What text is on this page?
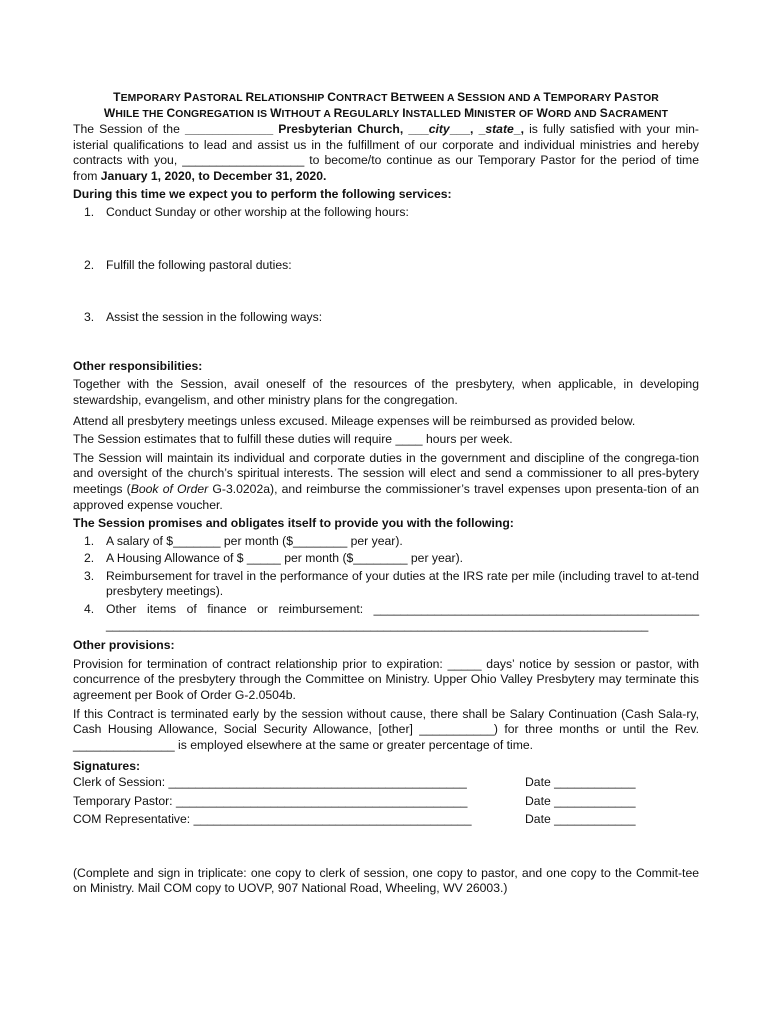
TEMPORARY PASTORAL RELATIONSHIP CONTRACT BETWEEN A SESSION AND A TEMPORARY PASTOR
WHILE THE CONGREGATION IS WITHOUT A REGULARLY INSTALLED MINISTER OF WORD AND SACRAMENT

The Session of the _____________ Presbyterian Church, ___city___, _state_, is fully satisfied with your min-isterial qualifications to lead and assist us in the fulfillment of our corporate and individual ministries and hereby contracts with you, __________________ to become/to continue as our Temporary Pastor for the period of time from January 1, 2020, to December 31, 2020.

During this time we expect you to perform the following services:

1. Conduct Sunday or other worship at the following hours:
2. Fulfill the following pastoral duties:
3. Assist the session in the following ways:

Other responsibilities:

Together with the Session, avail oneself of the resources of the presbytery, when applicable, in developing stewardship, evangelism, and other ministry plans for the congregation.

Attend all presbytery meetings unless excused. Mileage expenses will be reimbursed as provided below.

The Session estimates that to fulfill these duties will require ____ hours per week.

The Session will maintain its individual and corporate duties in the government and discipline of the congrega-tion and oversight of the church’s spiritual interests. The session will elect and send a commissioner to all pres-bytery meetings (Book of Order G-3.0202a), and reimburse the commissioner’s travel expenses upon presenta-tion of an approved expense voucher.

The Session promises and obligates itself to provide you with the following:

1. A salary of $_______ per month ($________ per year).
2. A Housing Allowance of $ _____ per month ($________ per year).
3. Reimbursement for travel in the performance of your duties at the IRS rate per mile (including travel to at-tend presbytery meetings).
4. Other items of finance or reimbursement: ________________________________________________ ________________________________________________________________________________

Other provisions:

Provision for termination of contract relationship prior to expiration: _____ days’ notice by session or pastor, with concurrence of the presbytery through the Committee on Ministry. Upper Ohio Valley Presbytery may terminate this agreement per Book of Order G-2.0504b.

If this Contract is terminated early by the session without cause, there shall be Salary Continuation (Cash Sala-ry, Cash Housing Allowance, Social Security Allowance, [other] ___________) for three months or until the Rev. _______________ is employed elsewhere at the same or greater percentage of time.

Signatures:

Clerk of Session: ____________________________________________	Date ____________
Temporary Pastor: ___________________________________________	Date ____________
COM Representative: _________________________________________	Date ____________

(Complete and sign in triplicate: one copy to clerk of session, one copy to pastor, and one copy to the Commit-tee on Ministry. Mail COM copy to UOVP, 907 National Road, Wheeling, WV 26003.)
